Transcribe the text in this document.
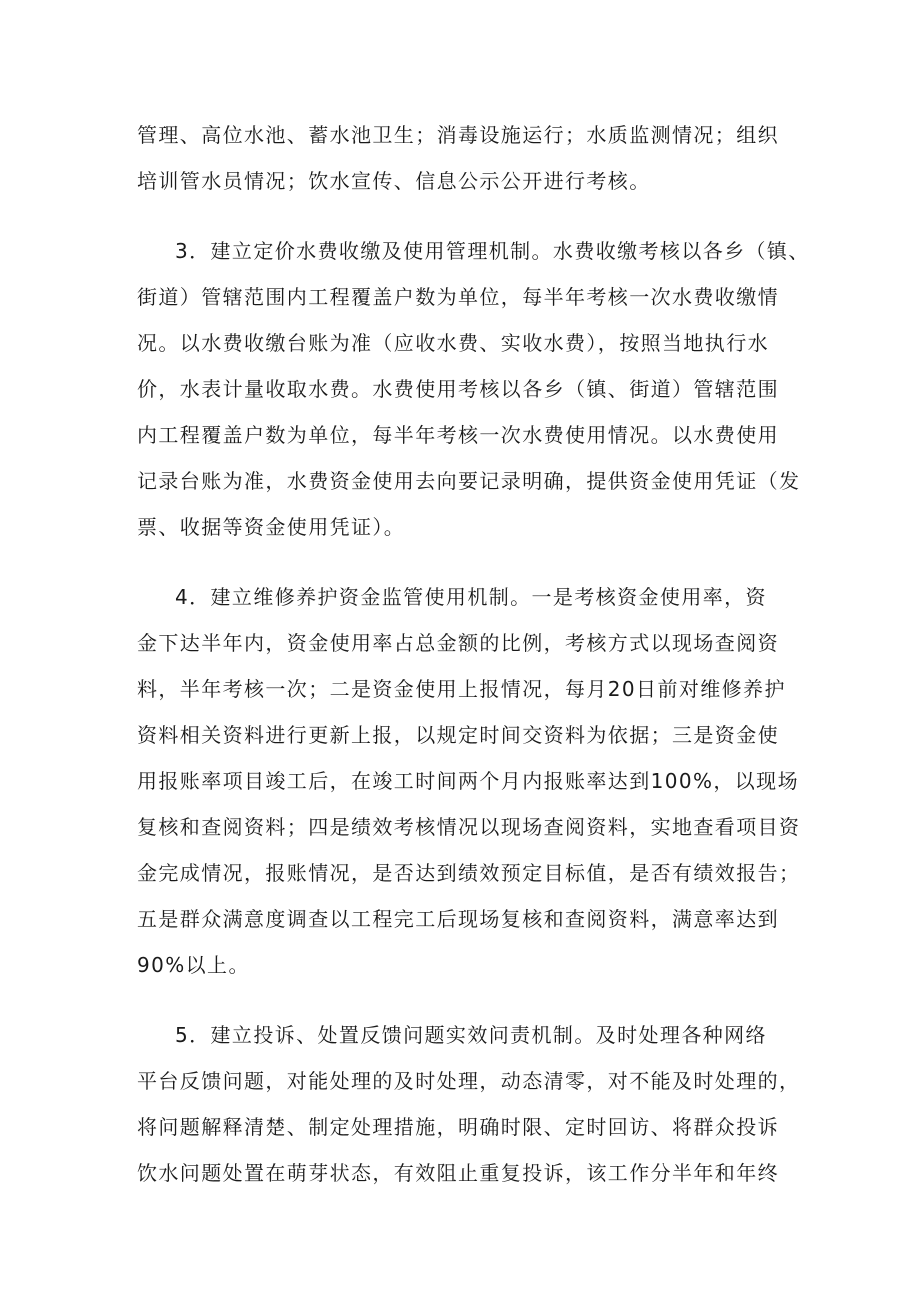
管理、高位水池、蓄水池卫生；消毒设施运行；水质监测情况；组织
培训管水员情况；饮水宣传、信息公示公开进行考核。
3．建立定价水费收缴及使用管理机制。水费收缴考核以各乡（镇、
街道）管辖范围内工程覆盖户数为单位，每半年考核一次水费收缴情
况。以水费收缴台账为准（应收水费、实收水费），按照当地执行水
价，水表计量收取水费。水费使用考核以各乡（镇、街道）管辖范围
内工程覆盖户数为单位，每半年考核一次水费使用情况。以水费使用
记录台账为准，水费资金使用去向要记录明确，提供资金使用凭证（发
票、收据等资金使用凭证）。
4．建立维修养护资金监管使用机制。一是考核资金使用率，资
金下达半年内，资金使用率占总金额的比例，考核方式以现场查阅资
料，半年考核一次；二是资金使用上报情况，每月20日前对维修养护
资料相关资料进行更新上报，以规定时间交资料为依据；三是资金使
用报账率项目竣工后，在竣工时间两个月内报账率达到100%，以现场
复核和查阅资料；四是绩效考核情况以现场查阅资料，实地查看项目资
金完成情况，报账情况，是否达到绩效预定目标值，是否有绩效报告；
五是群众满意度调查以工程完工后现场复核和查阅资料，满意率达到
90%以上。
5．建立投诉、处置反馈问题实效问责机制。及时处理各种网络
平台反馈问题，对能处理的及时处理，动态清零，对不能及时处理的，
将问题解释清楚、制定处理措施，明确时限、定时回访、将群众投诉
饮水问题处置在萌芽状态，有效阻止重复投诉，该工作分半年和年终
